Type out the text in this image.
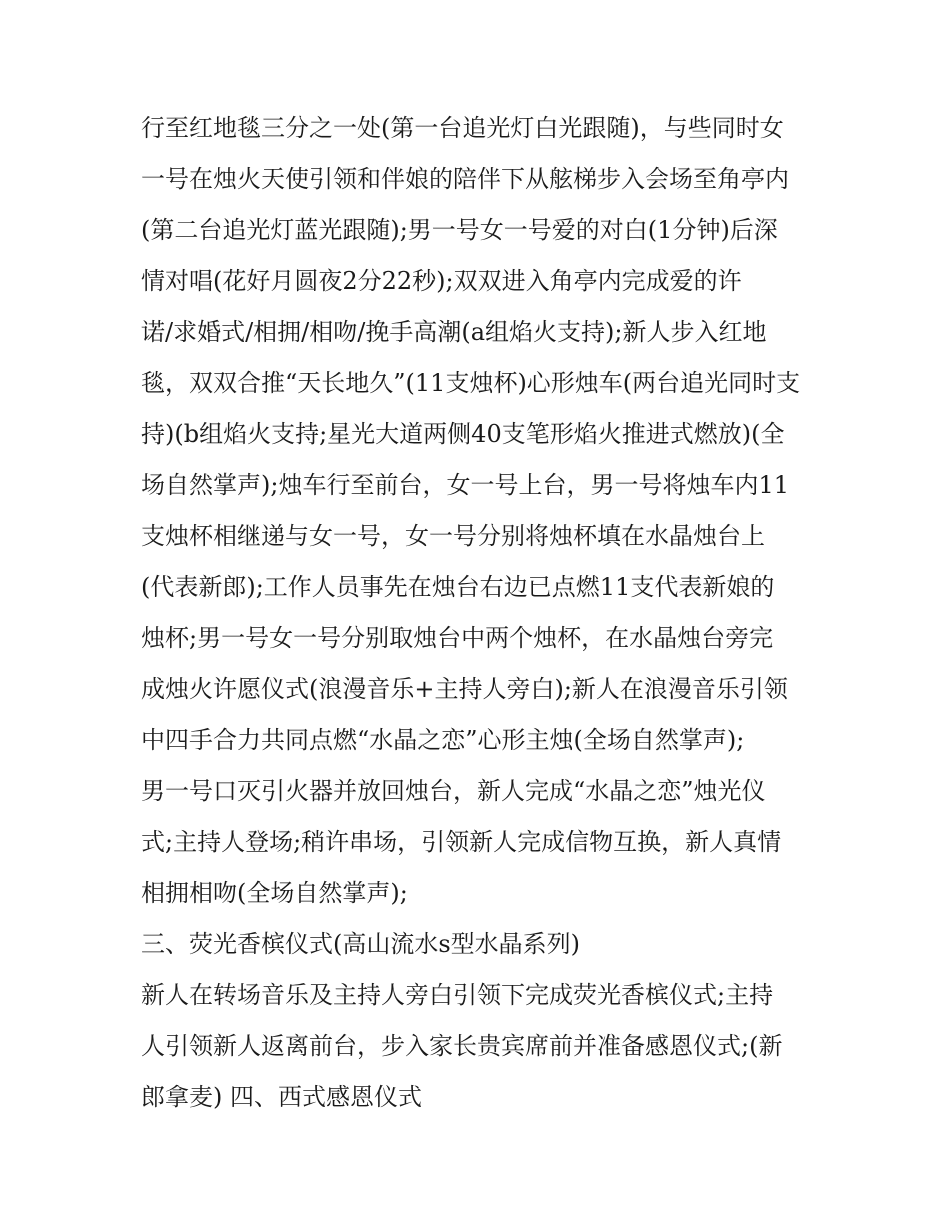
行至红地毯三分之一处(第一台追光灯白光跟随)，与些同时女
一号在烛火天使引领和伴娘的陪伴下从舷梯步入会场至角亭内
(第二台追光灯蓝光跟随);男一号女一号爱的对白(1分钟)后深
情对唱(花好月圆夜2分22秒);双双进入角亭内完成爱的许
诺/求婚式/相拥/相吻/挽手高潮(a组焰火支持);新人步入红地
毯，双双合推“天长地久”(11支烛杯)心形烛车(两台追光同时支
持)(b组焰火支持;星光大道两侧40支笔形焰火推进式燃放)(全
场自然掌声);烛车行至前台，女一号上台，男一号将烛车内11
支烛杯相继递与女一号，女一号分别将烛杯填在水晶烛台上
(代表新郎);工作人员事先在烛台右边已点燃11支代表新娘的
烛杯;男一号女一号分别取烛台中两个烛杯，在水晶烛台旁完
成烛火许愿仪式(浪漫音乐+主持人旁白);新人在浪漫音乐引领
中四手合力共同点燃“水晶之恋”心形主烛(全场自然掌声);
男一号口灭引火器并放回烛台，新人完成“水晶之恋”烛光仪
式;主持人登场;稍许串场，引领新人完成信物互换，新人真情
相拥相吻(全场自然掌声);
三、荧光香槟仪式(高山流水s型水晶系列)
新人在转场音乐及主持人旁白引领下完成荧光香槟仪式;主持
人引领新人返离前台，步入家长贵宾席前并准备感恩仪式;(新
郎拿麦) 四、西式感恩仪式
